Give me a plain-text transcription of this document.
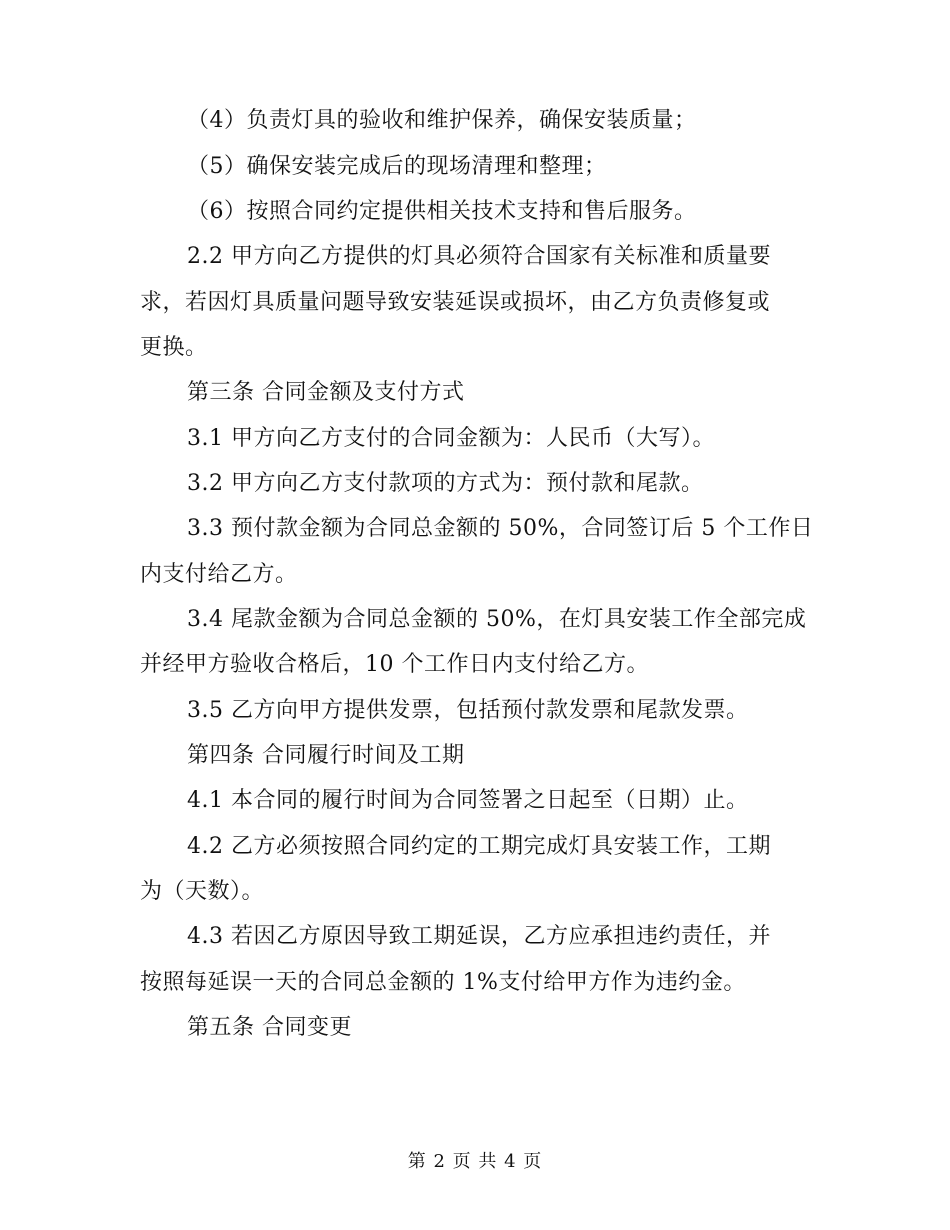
（4）负责灯具的验收和维护保养，确保安装质量；
（5）确保安装完成后的现场清理和整理；
（6）按照合同约定提供相关技术支持和售后服务。
2.2 甲方向乙方提供的灯具必须符合国家有关标准和质量要
求，若因灯具质量问题导致安装延误或损坏，由乙方负责修复或
更换。
第三条 合同金额及支付方式
3.1 甲方向乙方支付的合同金额为：人民币（大写）。
3.2 甲方向乙方支付款项的方式为：预付款和尾款。
3.3 预付款金额为合同总金额的 50%，合同签订后 5 个工作日
内支付给乙方。
3.4 尾款金额为合同总金额的 50%，在灯具安装工作全部完成
并经甲方验收合格后，10 个工作日内支付给乙方。
3.5 乙方向甲方提供发票，包括预付款发票和尾款发票。
第四条 合同履行时间及工期
4.1 本合同的履行时间为合同签署之日起至（日期）止。
4.2 乙方必须按照合同约定的工期完成灯具安装工作，工期
为（天数）。
4.3 若因乙方原因导致工期延误，乙方应承担违约责任，并
按照每延误一天的合同总金额的 1%支付给甲方作为违约金。
第五条 合同变更
第 2 页 共 4 页
